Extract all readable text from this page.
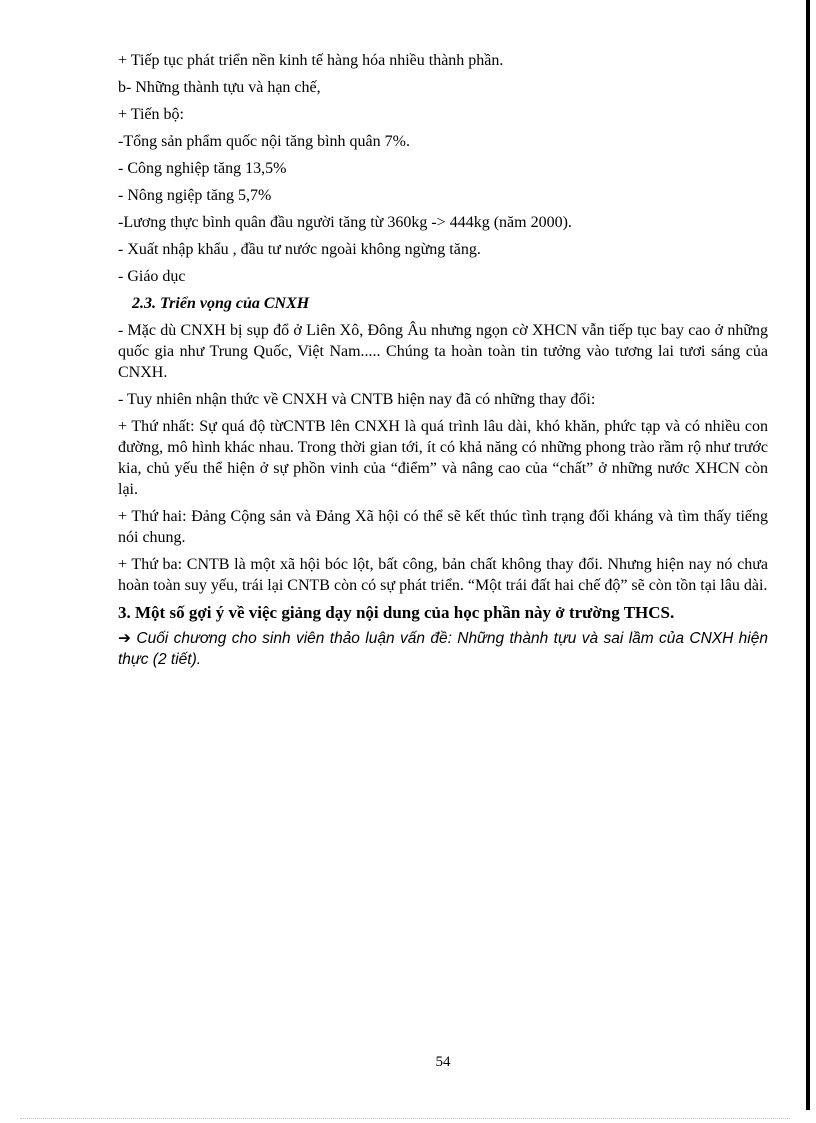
+ Tiếp tục phát triển nền kinh tế hàng hóa nhiều thành phần.
b- Những thành tựu và hạn chế,
+ Tiến bộ:
-Tổng sản phẩm quốc nội tăng bình quân 7%.
- Công nghiệp tăng 13,5%
- Nông ngiệp tăng 5,7%
-Lương thực bình quân đầu người tăng từ 360kg -> 444kg (năm 2000).
- Xuất nhập khẩu , đầu tư nước ngoài không ngừng tăng.
- Giáo dục
2.3. Triển vọng của CNXH

- Mặc dù CNXH bị sụp đổ ở Liên Xô, Đông Âu nhưng ngọn cờ XHCN vẫn tiếp tục bay cao ở những quốc gia như Trung Quốc, Việt Nam..... Chúng ta hoàn toàn tin tưởng vào tương lai tươi sáng của CNXH.

- Tuy nhiên nhận thức về CNXH và CNTB hiện nay đã có những thay đổi:

+ Thứ nhất: Sự quá độ từCNTB lên CNXH là quá trình lâu dài, khó khăn, phức tạp và có nhiều con đường, mô hình khác nhau. Trong thời gian tới, ít có khả năng có những phong trào rầm rộ như trước kia, chủ yếu thể hiện ở sự phồn vinh của “điểm” và nâng cao của “chất” ở những nước XHCN còn lại.

+ Thứ hai: Đảng Cộng sản và Đảng Xã hội có thể sẽ kết thúc tình trạng đối kháng và tìm thấy tiếng nói chung.

+ Thứ ba: CNTB là một xã hội bóc lột, bất công, bản chất không thay đổi. Nhưng hiện nay nó chưa hoàn toàn suy yếu, trái lại CNTB còn có sự phát triển. “Một trái đất hai chế độ” sẽ còn tồn tại lâu dài.

3. Một số gợi ý về việc giảng dạy nội dung của học phần này ở trường THCS.

➔ Cuối chương cho sinh viên thảo luận vấn đề: Những thành tựu và sai lầm của CNXH hiện thực (2 tiết).

54
